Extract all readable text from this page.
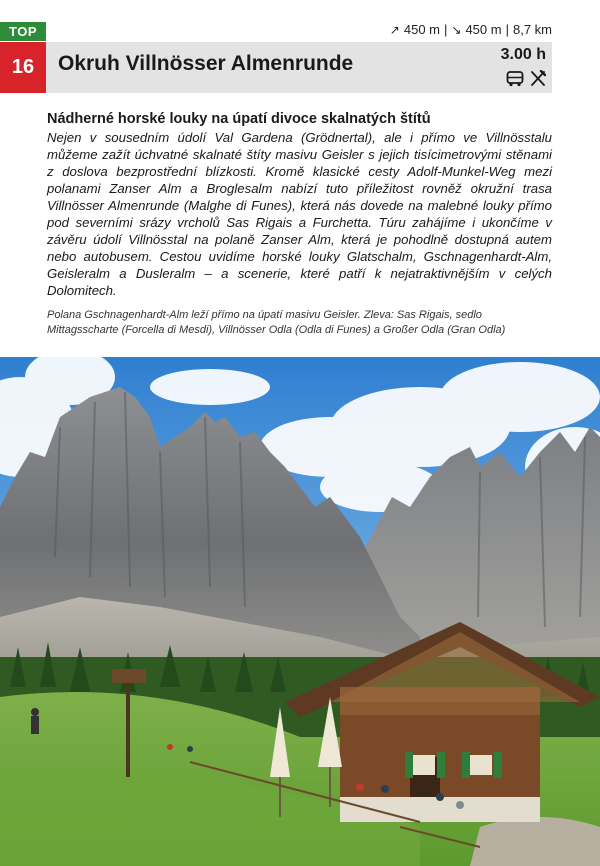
TOP	↗ 450 m | ↘ 450 m | 8,7 km
16	Okruh Villnösser Almenrunde	3.00 h

Nádherné horské louky na úpatí divoce skalnatých štítů

Nejen v sousedním údolí Val Gardena (Grödnertal), ale i přímo ve Villnösstalu můžeme zažít úchvatné skalnaté štíty masivu Geisler s jejich tisícimetrovými stěnami z doslova bezprostřední blízkosti. Kromě klasické cesty Adolf-Munkel-Weg mezi polanami Zanser Alm a Broglesalm nabízí tuto příležitost rovněž okružní trasa Villnösser Almenrunde (Malghe di Funes), která nás dovede na malebné louky přímo pod severními srázy vrcholů Sas Rigais a Furchetta. Túru zahájíme i ukončíme v závěru údolí Villnösstal na polaně Zanser Alm, která je pohodlně dostupná autem nebo autobusem. Cestou uvidíme horské louky Glatschalm, Gschnagenhardt-Alm, Geisleralm a Dusleralm – a scenerie, které patří k nejatraktivnějším v celých Dolomitech.

Polana Gschnagenhardt-Alm leží přímo na úpatí masivu Geisler. Zleva: Sas Rigais, sedlo Mittagsscharte (Forcella di Mesdi), Villnösser Odla (Odla di Funes) a Großer Odla (Gran Odla)
